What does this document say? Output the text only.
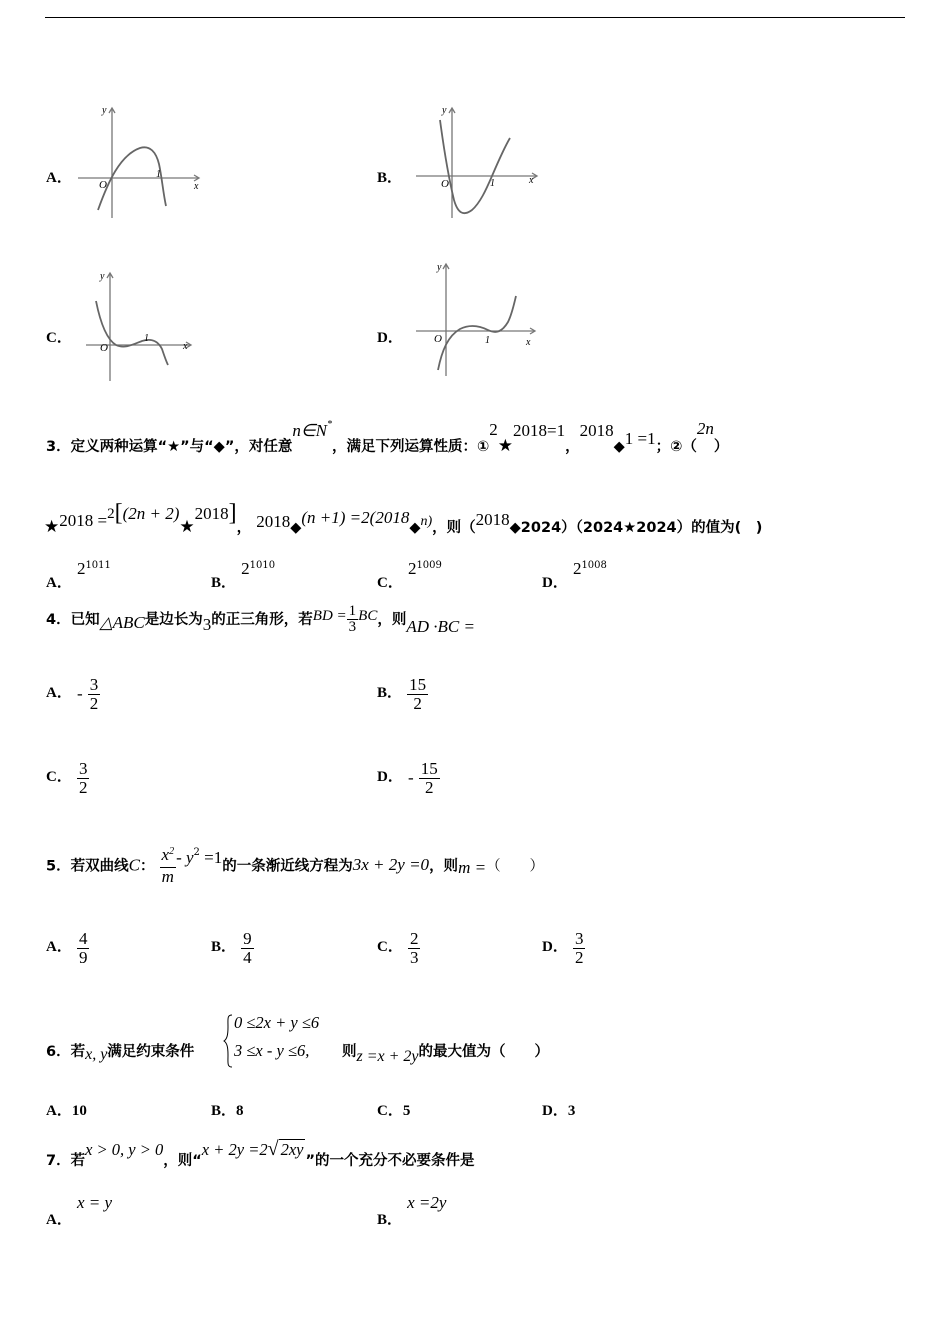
A．
y
O
1
x
B．
y
O	1	x
C．
y
O
1
x
D．
y
O	1	x
3．定义两种运算“★”与“◆”，对任意n∈N*，满足下列运算性质：①2★2018=1，2018◆1 =1；②（2n）
★2018 =2[(2n + 2)★2018]， 2018◆(n +1) =2(2018◆n)，则（2018◆2024）（2024★2024）的值为(　)
A． $2^{1011}$
B． $2^{1010}$
C． $2^{1009}$
D． $2^{1008}$
4．已知△ABC是边长为3的正三角形，若BD = $\frac{1}{3}$ BC，则AD ·BC =
A． - $\frac{3}{2}$	B． $\frac{15}{2}$
C． $\frac{3}{2}$	D． - $\frac{15}{2}$
5．若双曲线C： $\frac{x^2}{m} - y^2 =1$的一条渐近线方程为3x + 2y =0，则m =（　　）
A． $\frac{4}{9}$	B． $\frac{9}{4}$	C． $\frac{2}{3}$	D． $\frac{3}{2}$
6．若x, y满足约束条件
0 ≤2x + y ≤6
3 ≤x - y ≤6, 则z =x + 2y的最大值为（　　）
A．10	B．8	C．5	D．3
7．若x > 0, y > 0，则“x + 2y =2√ 2xy”的一个充分不必要条件是
A． x = y
B． x =2y
